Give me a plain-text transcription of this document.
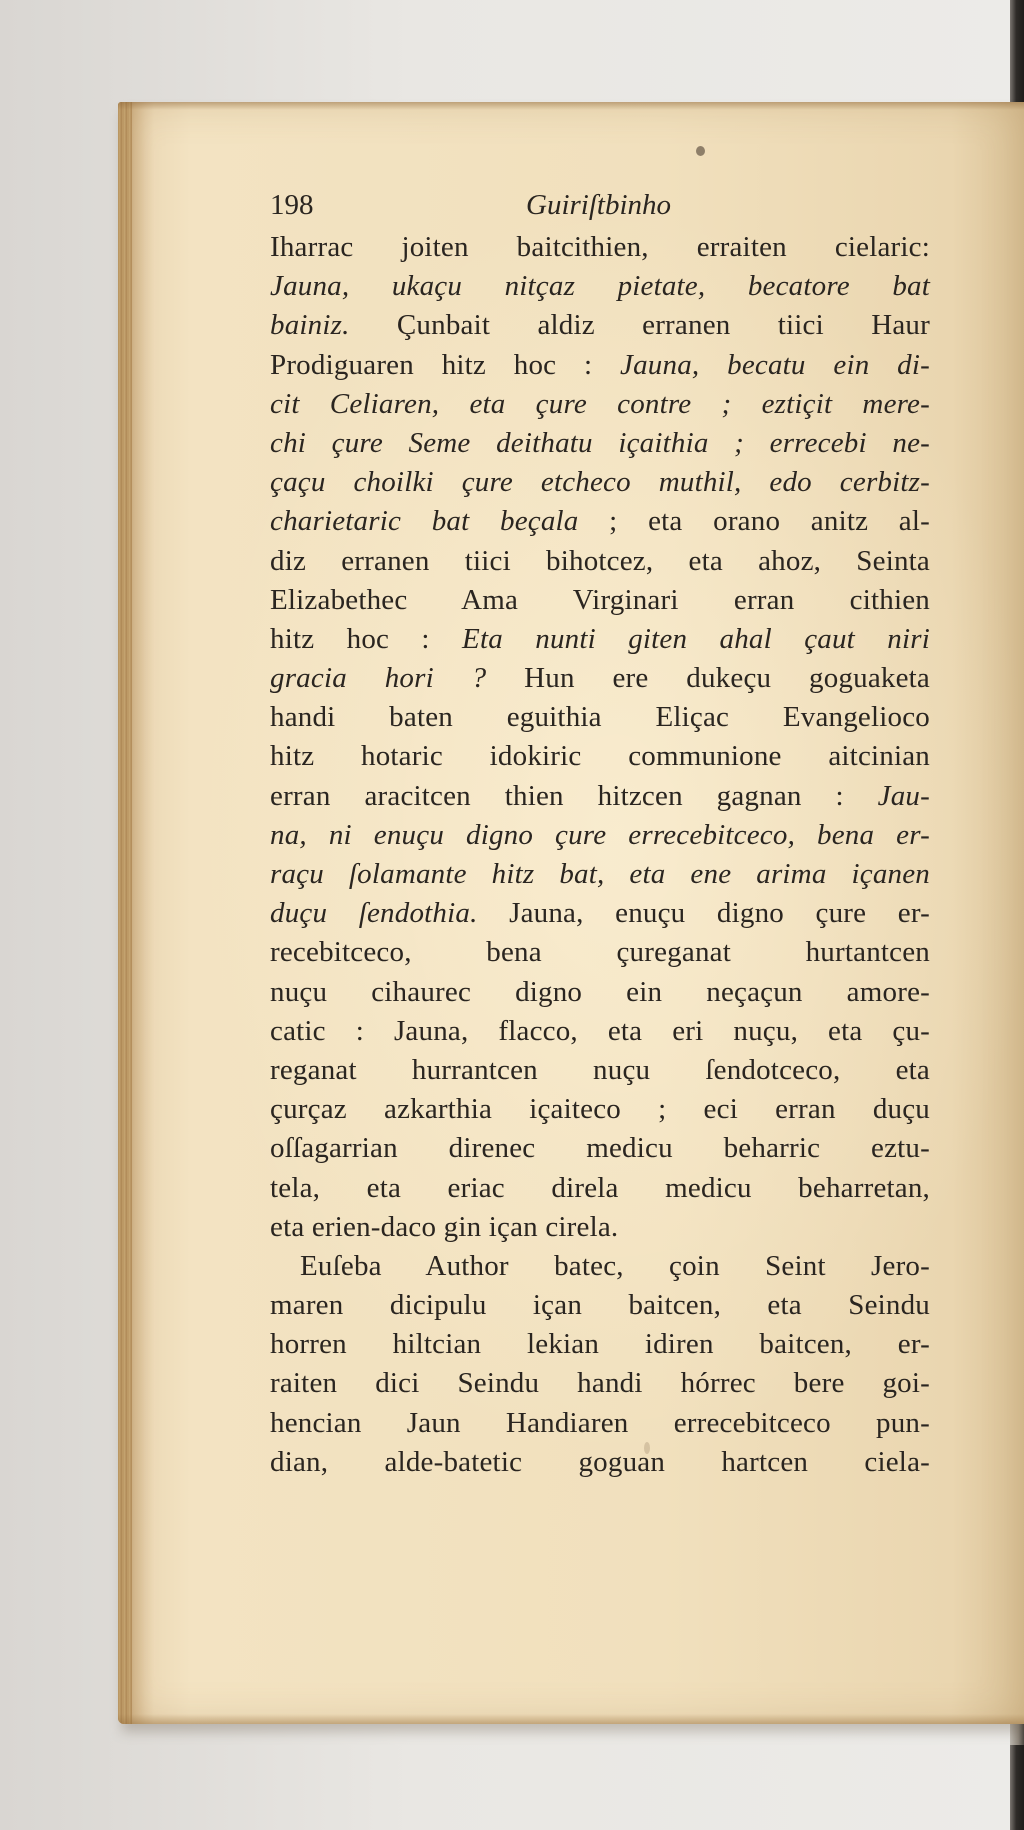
198	Guiriſtbinho
Iharrac joiten baitcithien, erraiten cielaric:
Jauna, ukaçu nitçaz pietate, becatore bat
bainiz. Çunbait aldiz erranen tiici Haur
Prodiguaren hitz hoc : Jauna, becatu ein di-
cit Celiaren, eta çure contre ; eztiçit mere-
chi çure Seme deithatu içaithia ; errecebi ne-
çaçu choilki çure etcheco muthil, edo cerbitz-
charietaric bat beçala ; eta orano anitz al-
diz erranen tiici bihotcez, eta ahoz, Seinta
Elizabethec Ama Virginari erran cithien
hitz hoc : Eta nunti giten ahal çaut niri
gracia hori ? Hun ere dukeçu goguaketa
handi baten eguithia Eliçac Evangelioco
hitz hotaric idokiric communione aitcinian
erran aracitcen thien hitzcen gagnan : Jau-
na, ni enuçu digno çure errecebitceco, bena er-
raçu ſolamante hitz bat, eta ene arima içanen
duçu ſendothia. Jauna, enuçu digno çure er-
recebitceco, bena çureganat hurtantcen
nuçu cihaurec digno ein neçaçun amore-
catic : Jauna, flacco, eta eri nuçu, eta çu-
reganat hurrantcen nuçu ſendotceco, eta
çurçaz azkarthia içaiteco ; eci erran duçu
oſſagarrian direnec medicu beharric eztu-
tela, eta eriac direla medicu beharretan,
eta erien-daco gin içan cirela.
Euſeba Author batec, çoin Seint Jero-
maren dicipulu içan baitcen, eta Seindu
horren hiltcian lekian idiren baitcen, er-
raiten dici Seindu handi hórrec bere goi-
hencian Jaun Handiaren errecebitceco pun-
dian, alde-batetic goguan hartcen ciela-
